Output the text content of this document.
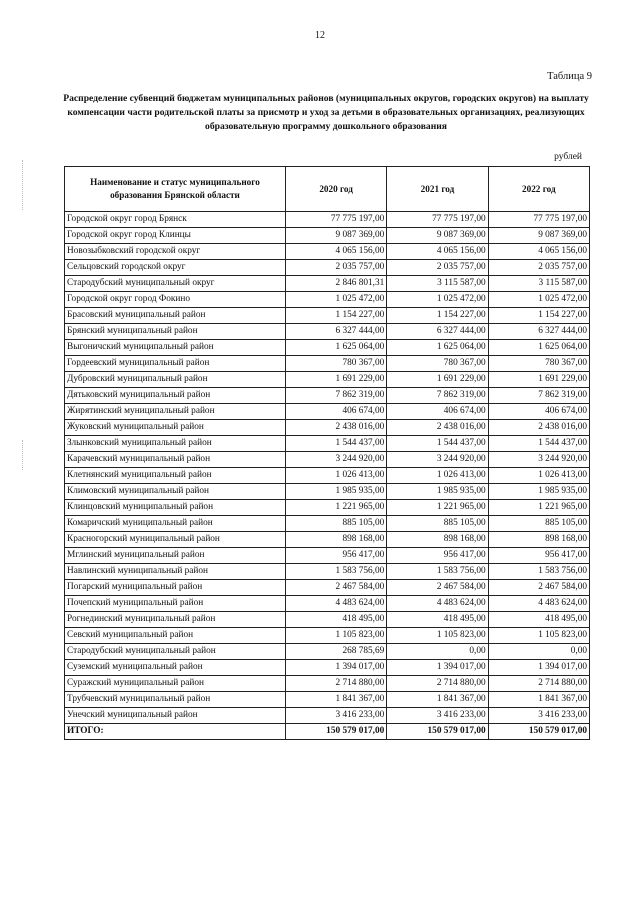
12
Таблица 9
Распределение субвенций бюджетам муниципальных районов (муниципальных округов, городских округов) на выплату компенсации части родительской платы за присмотр и уход за детьми в образовательных организациях, реализующих образовательную программу дошкольного образования
рублей
Наименование и статус муниципального образования Брянской области	2020 год	2021 год	2022 год
Городской округ город Брянск	77 775 197,00	77 775 197,00	77 775 197,00
Городской округ город Клинцы	9 087 369,00	9 087 369,00	9 087 369,00
Новозыбковский городской округ	4 065 156,00	4 065 156,00	4 065 156,00
Сельцовский городской округ	2 035 757,00	2 035 757,00	2 035 757,00
Стародубский муниципальный округ	2 846 801,31	3 115 587,00	3 115 587,00
Городской округ город Фокино	1 025 472,00	1 025 472,00	1 025 472,00
Брасовский муниципальный район	1 154 227,00	1 154 227,00	1 154 227,00
Брянский муниципальный район	6 327 444,00	6 327 444,00	6 327 444,00
Выгоничский муниципальный район	1 625 064,00	1 625 064,00	1 625 064,00
Гордеевский муниципальный район	780 367,00	780 367,00	780 367,00
Дубровский муниципальный район	1 691 229,00	1 691 229,00	1 691 229,00
Дятьковский муниципальный район	7 862 319,00	7 862 319,00	7 862 319,00
Жирятинский муниципальный район	406 674,00	406 674,00	406 674,00
Жуковский муниципальный район	2 438 016,00	2 438 016,00	2 438 016,00
Злынковский муниципальный район	1 544 437,00	1 544 437,00	1 544 437,00
Карачевский муниципальный район	3 244 920,00	3 244 920,00	3 244 920,00
Клетнянский муниципальный район	1 026 413,00	1 026 413,00	1 026 413,00
Климовский муниципальный район	1 985 935,00	1 985 935,00	1 985 935,00
Клинцовский муниципальный район	1 221 965,00	1 221 965,00	1 221 965,00
Комаричский муниципальный район	885 105,00	885 105,00	885 105,00
Красногорский муниципальный район	898 168,00	898 168,00	898 168,00
Мглинский муниципальный район	956 417,00	956 417,00	956 417,00
Навлинский муниципальный район	1 583 756,00	1 583 756,00	1 583 756,00
Погарский муниципальный район	2 467 584,00	2 467 584,00	2 467 584,00
Почепский муниципальный район	4 483 624,00	4 483 624,00	4 483 624,00
Рогнединский муниципальный район	418 495,00	418 495,00	418 495,00
Севский муниципальный район	1 105 823,00	1 105 823,00	1 105 823,00
Стародубский муниципальный район	268 785,69	0,00	0,00
Суземский муниципальный район	1 394 017,00	1 394 017,00	1 394 017,00
Суражский муниципальный район	2 714 880,00	2 714 880,00	2 714 880,00
Трубчевский муниципальный район	1 841 367,00	1 841 367,00	1 841 367,00
Унечский муниципальный район	3 416 233,00	3 416 233,00	3 416 233,00
ИТОГО:	150 579 017,00	150 579 017,00	150 579 017,00
